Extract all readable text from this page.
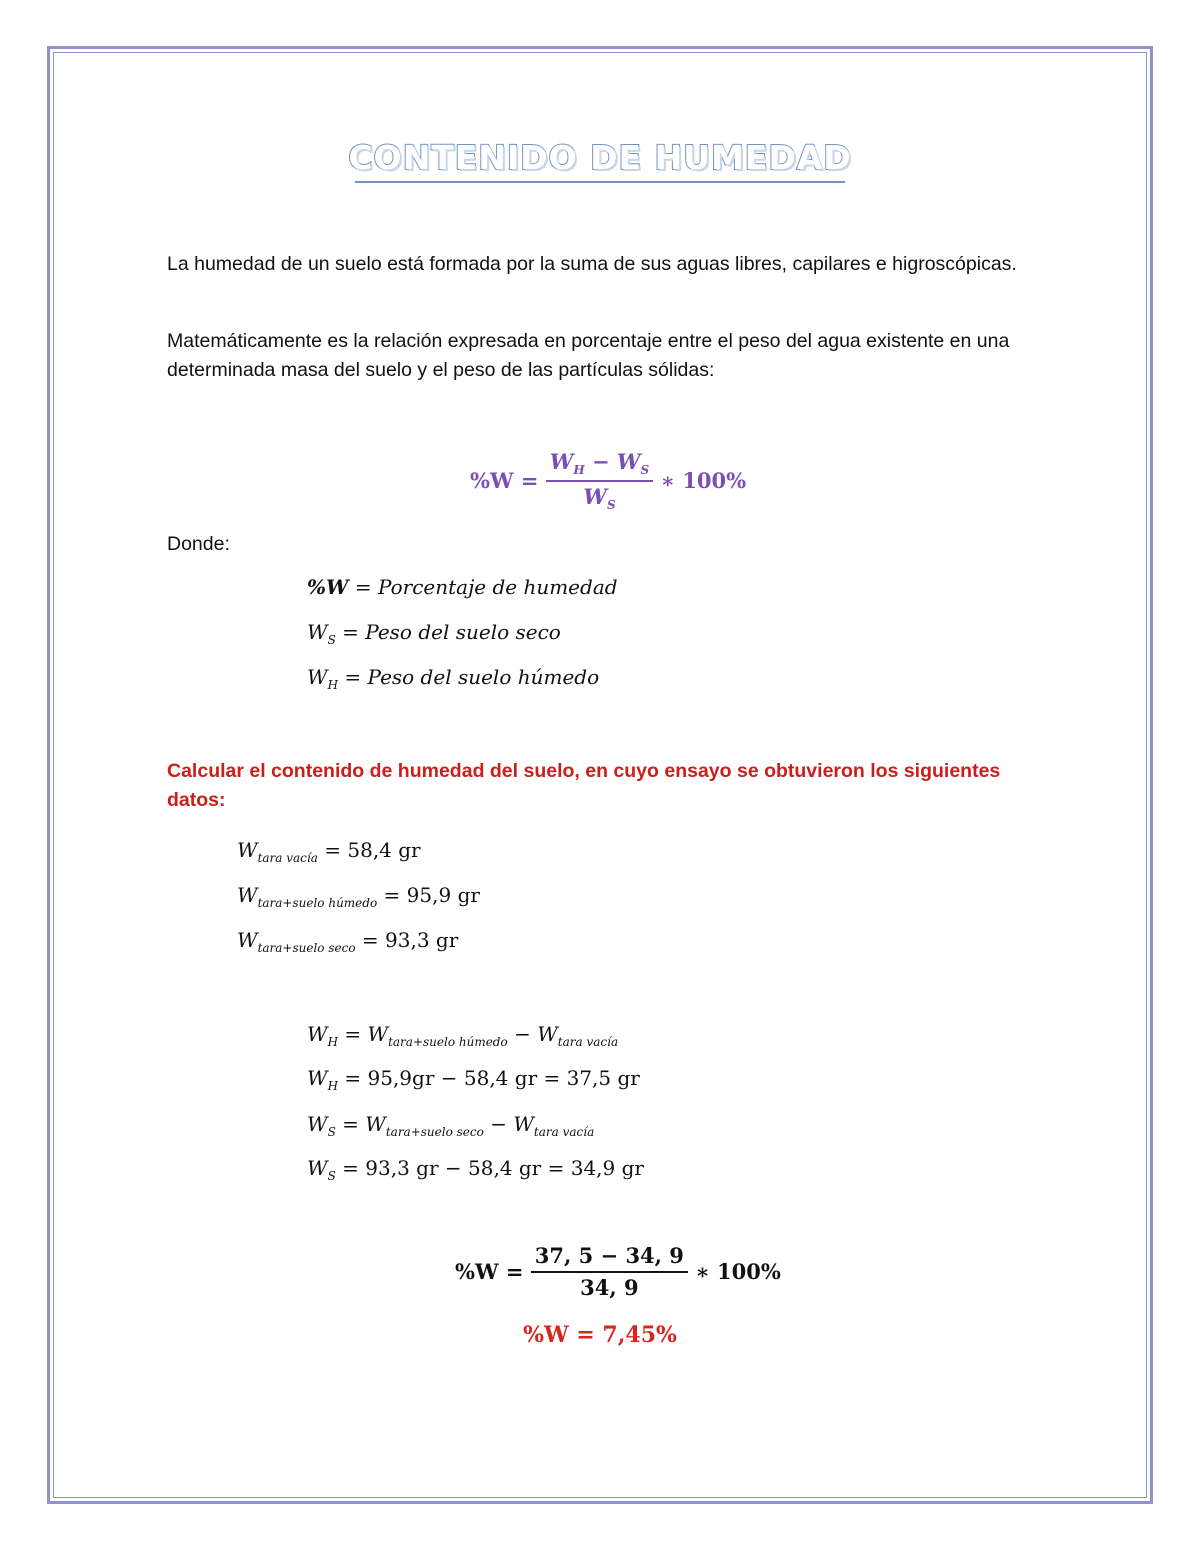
CONTENIDO DE HUMEDAD
La humedad de un suelo está formada por la suma de sus aguas libres, capilares e higroscópicas.
Matemáticamente es la relación expresada en porcentaje entre el peso del agua existente en una determinada masa del suelo y el peso de las partículas sólidas:
$\%W = \frac{W_H - W_S}{W_S}$ ∗ 100%
Donde:
%W = Porcentaje de humedad
$W_S$ = Peso del suelo seco
$W_H$ = Peso del suelo húmedo
Calcular el contenido de humedad del suelo, en cuyo ensayo se obtuvieron los siguientes datos:
$W_{tara vacía} = 58,4$ gr
$W_{tara+suelo húmedo} = 95,9$ gr
$W_{tara+suelo seco} = 93,3$ gr
$W_H = W_{tara+suelo húmedo} - W_{tara vacía}$
$W_H = 95,9gr - 58,4$ gr = 37,5 gr
$W_S = W_{tara+suelo seco} - W_{tara vacía}$
$W_S = 93,3$ gr − 58,4 gr = 34,9 gr
$\%W = \frac{37, 5 - 34, 9}{34, 9}$ ∗ 100%
%W = 7,45%
